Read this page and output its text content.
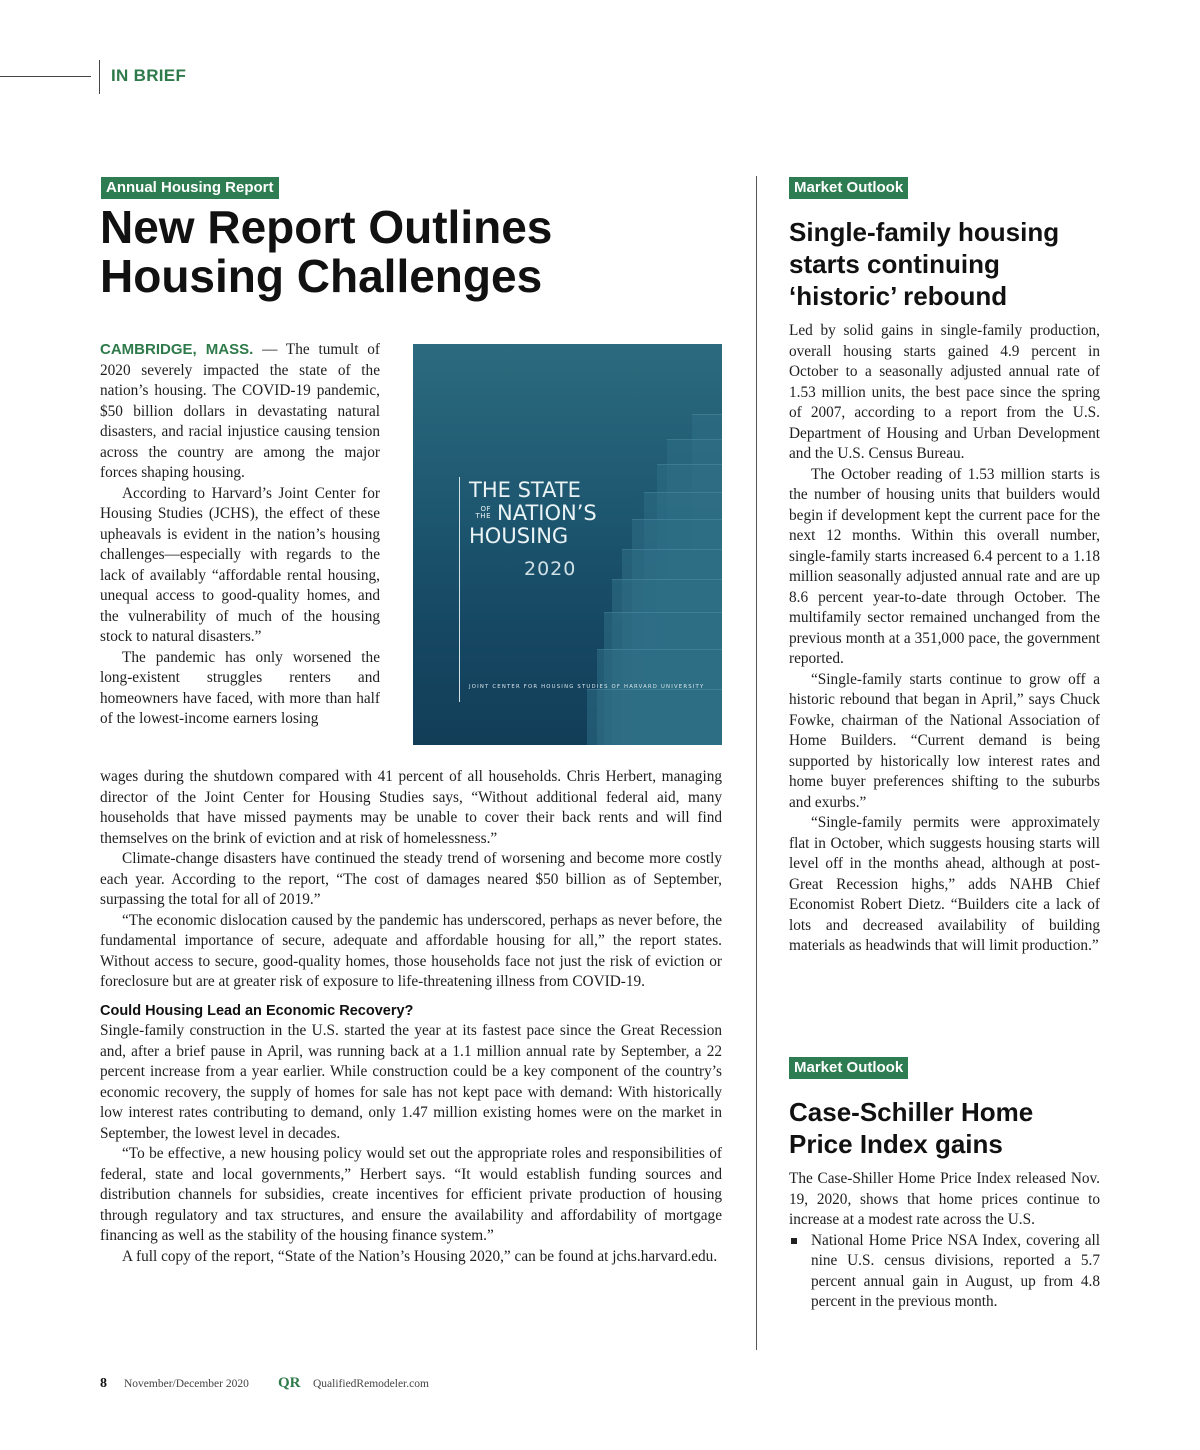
IN BRIEF
Annual Housing Report
New Report Outlines
Housing Challenges

CAMBRIDGE, MASS. — The tumult of 2020 severely impacted the state of the nation’s housing. The COVID-19 pandemic, $50 billion dollars in devastating natural disasters, and racial injustice causing tension across the country are among the major forces shaping housing.

According to Harvard’s Joint Center for Housing Studies (JCHS), the effect of these upheavals is evident in the nation’s housing challenges—especially with regards to the lack of availably “affordable rental housing, unequal access to good-quality homes, and the vulnerability of much of the housing stock to natural disasters.”

The pandemic has only worsened the long-existent struggles renters and homeowners have faced, with more than half of the lowest-income earners losing

THE STATE
OF THE NATION’S
HOUSING
2020
JOINT CENTER FOR HOUSING STUDIES OF HARVARD UNIVERSITY

wages during the shutdown compared with 41 percent of all households. Chris Herbert, managing director of the Joint Center for Housing Studies says, “Without additional federal aid, many households that have missed payments may be unable to cover their back rents and will find themselves on the brink of eviction and at risk of homelessness.”

Climate-change disasters have continued the steady trend of worsening and become more costly each year. According to the report, “The cost of damages neared $50 billion as of September, surpassing the total for all of 2019.”

“The economic dislocation caused by the pandemic has underscored, perhaps as never before, the fundamental importance of secure, adequate and affordable housing for all,” the report states. Without access to secure, good-quality homes, those households face not just the risk of eviction or foreclosure but are at greater risk of exposure to life-threatening illness from COVID-19.

Could Housing Lead an Economic Recovery?

Single-family construction in the U.S. started the year at its fastest pace since the Great Recession and, after a brief pause in April, was running back at a 1.1 million annual rate by September, a 22 percent increase from a year earlier. While construction could be a key component of the country’s economic recovery, the supply of homes for sale has not kept pace with demand: With historically low interest rates contributing to demand, only 1.47 million existing homes were on the market in September, the lowest level in decades.

“To be effective, a new housing policy would set out the appropriate roles and responsibilities of federal, state and local governments,” Herbert says. “It would establish funding sources and distribution channels for subsidies, create incentives for efficient private production of housing through regulatory and tax structures, and ensure the availability and affordability of mortgage financing as well as the stability of the housing finance system.”

A full copy of the report, “State of the Nation’s Housing 2020,” can be found at jchs.harvard.edu.

Market Outlook
Single-family housing
starts continuing
‘historic’ rebound

Led by solid gains in single-family production, overall housing starts gained 4.9 percent in October to a seasonally adjusted annual rate of 1.53 million units, the best pace since the spring of 2007, according to a report from the U.S. Department of Housing and Urban Development and the U.S. Census Bureau.

The October reading of 1.53 million starts is the number of housing units that builders would begin if development kept the current pace for the next 12 months. Within this overall number, single-family starts increased 6.4 percent to a 1.18 million seasonally adjusted annual rate and are up 8.6 percent year-to-date through October. The multifamily sector remained unchanged from the previous month at a 351,000 pace, the government reported.

“Single-family starts continue to grow off a historic rebound that began in April,” says Chuck Fowke, chairman of the National Association of Home Builders. “Current demand is being supported by historically low interest rates and home buyer preferences shifting to the suburbs and exurbs.”

“Single-family permits were approximately flat in October, which suggests housing starts will level off in the months ahead, although at post-Great Recession highs,” adds NAHB Chief Economist Robert Dietz. “Builders cite a lack of lots and decreased availability of building materials as headwinds that will limit production.”

Market Outlook
Case-Schiller Home
Price Index gains

The Case-Shiller Home Price Index released Nov. 19, 2020, shows that home prices continue to increase at a modest rate across the U.S.

National Home Price NSA Index, covering all nine U.S. census divisions, reported a 5.7 percent annual gain in August, up from 4.8 percent in the previous month.
8 November/December 2020 QR QualifiedRemodeler.com
